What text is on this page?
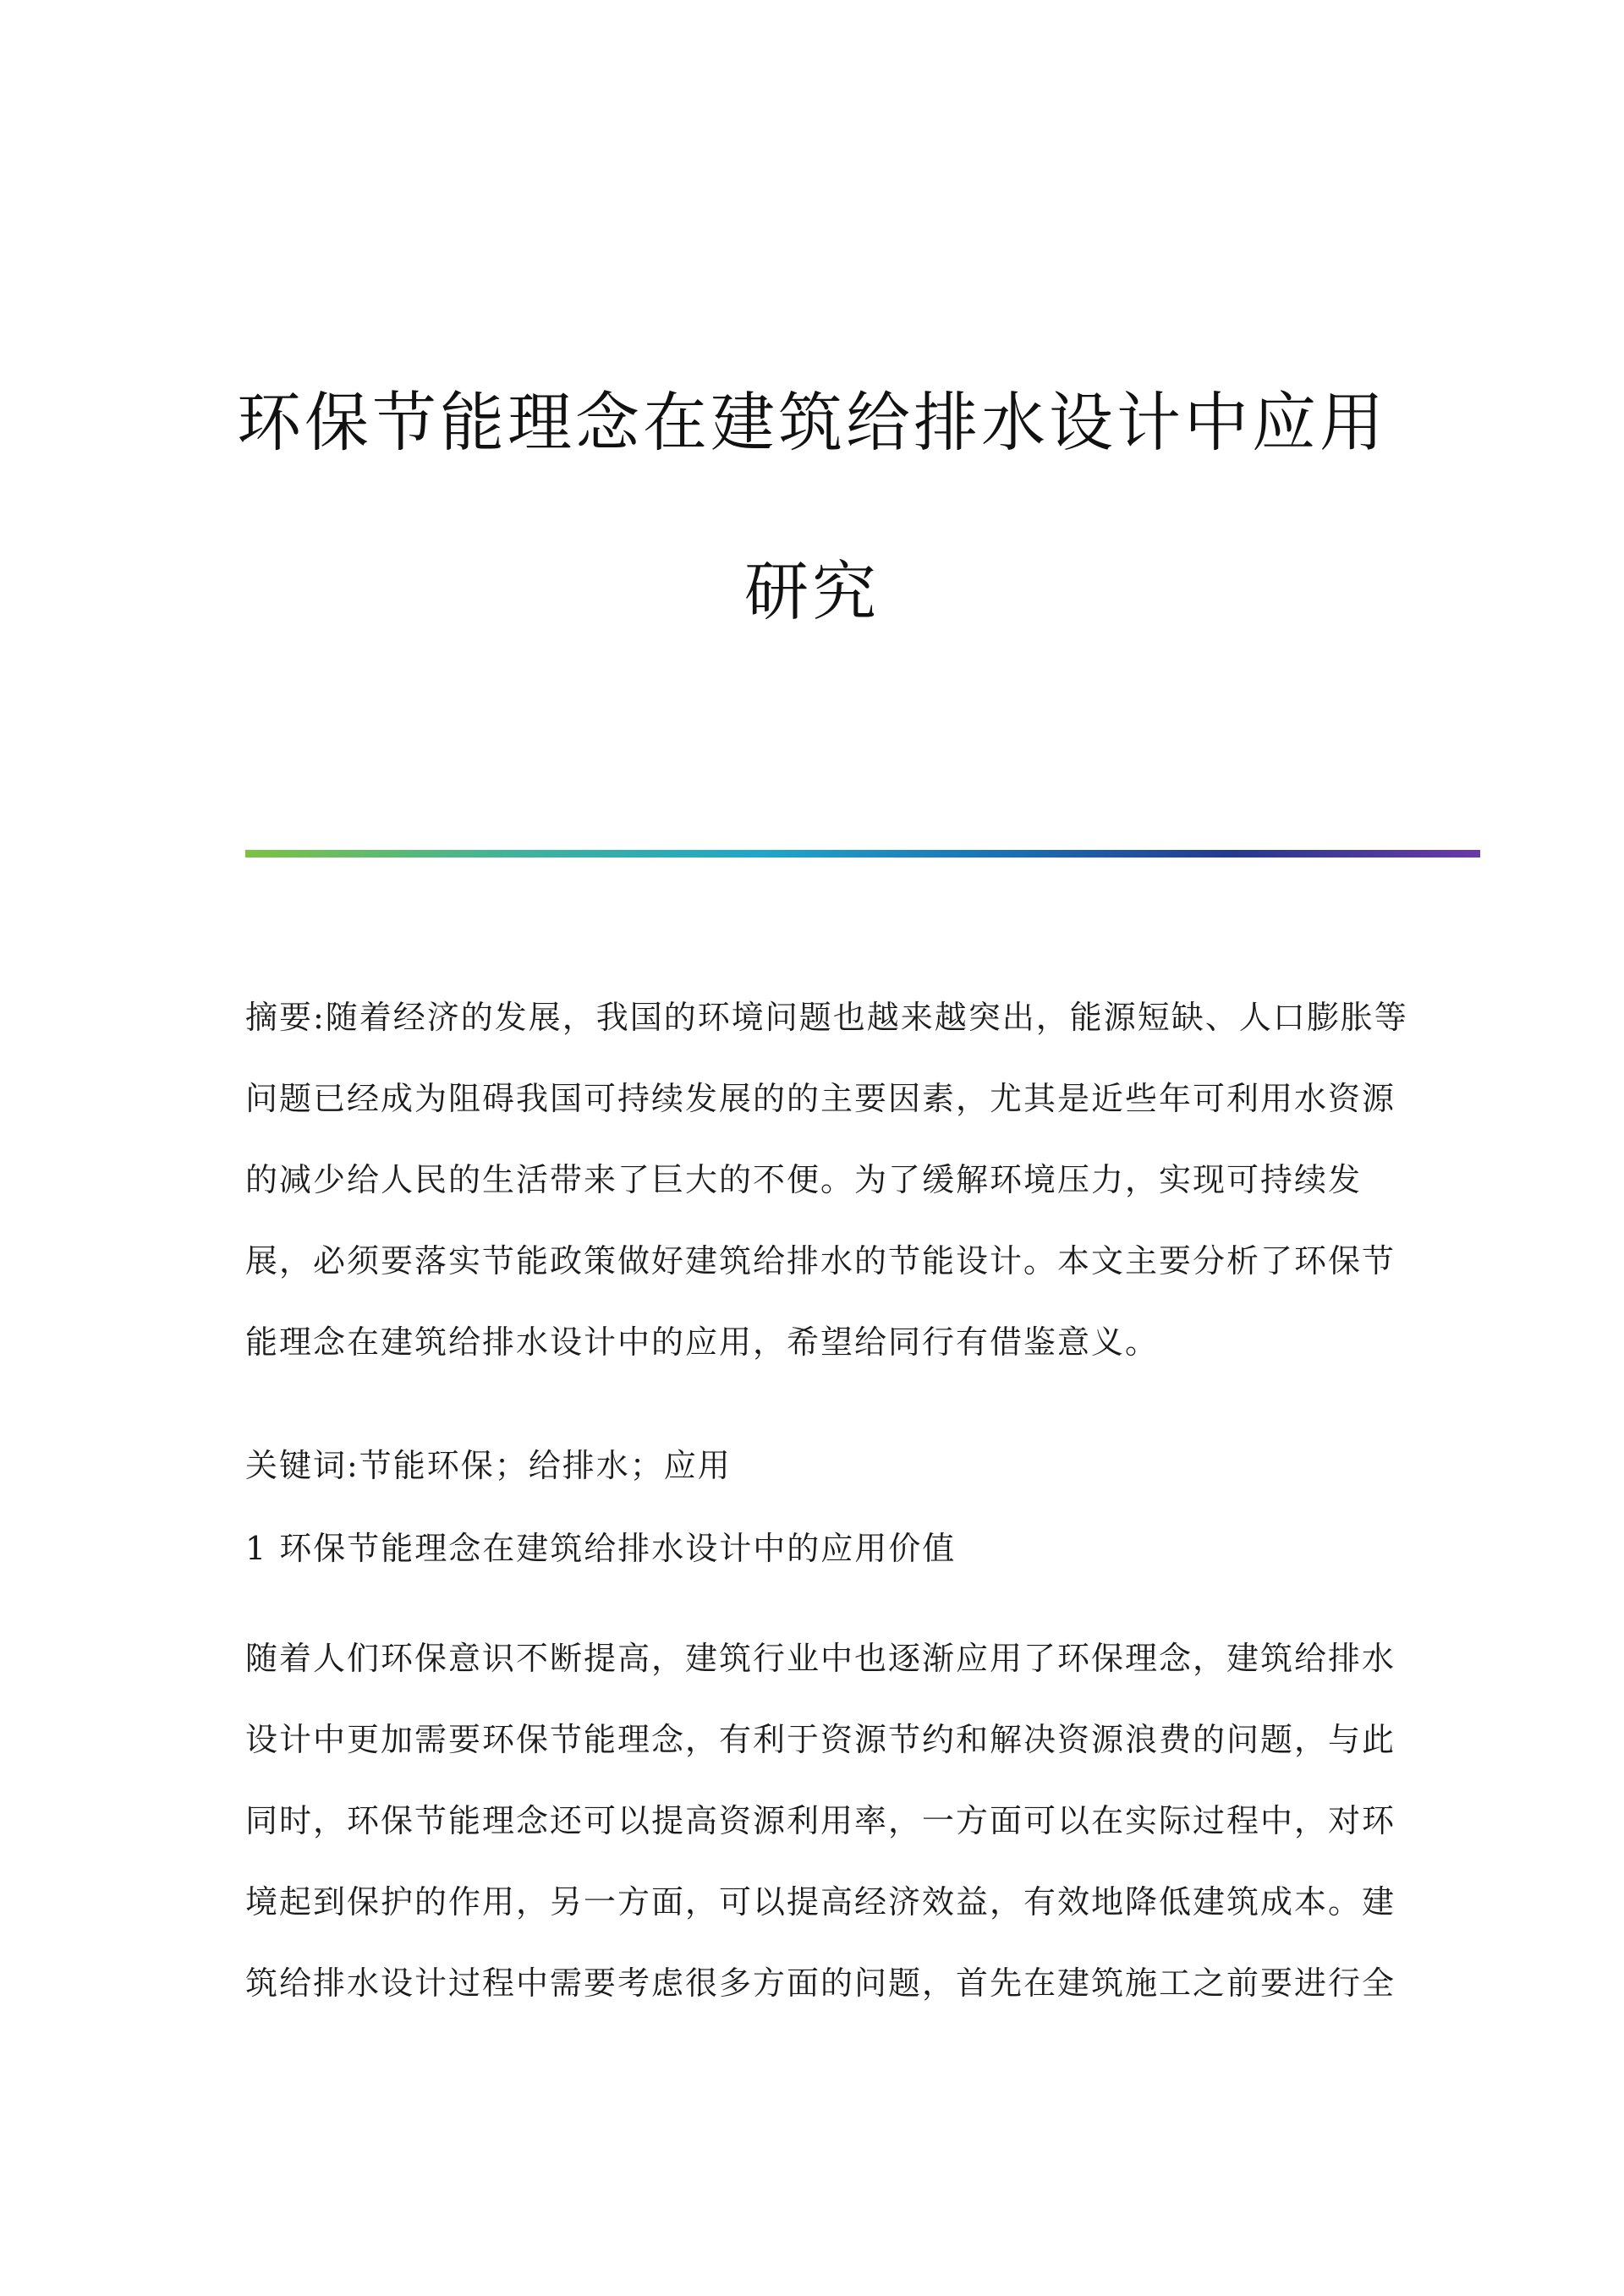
环保节能理念在建筑给排水设计中应用
研究
摘要:随着经济的发展，我国的环境问题也越来越突出，能源短缺、人口膨胀等
问题已经成为阻碍我国可持续发展的的主要因素，尤其是近些年可利用水资源
的减少给人民的生活带来了巨大的不便。为了缓解环境压力，实现可持续发
展，必须要落实节能政策做好建筑给排水的节能设计。本文主要分析了环保节
能理念在建筑给排水设计中的应用，希望给同行有借鉴意义。
关键词:节能环保；给排水；应用
1 环保节能理念在建筑给排水设计中的应用价值
随着人们环保意识不断提高，建筑行业中也逐渐应用了环保理念，建筑给排水
设计中更加需要环保节能理念，有利于资源节约和解决资源浪费的问题，与此
同时，环保节能理念还可以提高资源利用率，一方面可以在实际过程中，对环
境起到保护的作用，另一方面，可以提高经济效益，有效地降低建筑成本。建
筑给排水设计过程中需要考虑很多方面的问题，首先在建筑施工之前要进行全
